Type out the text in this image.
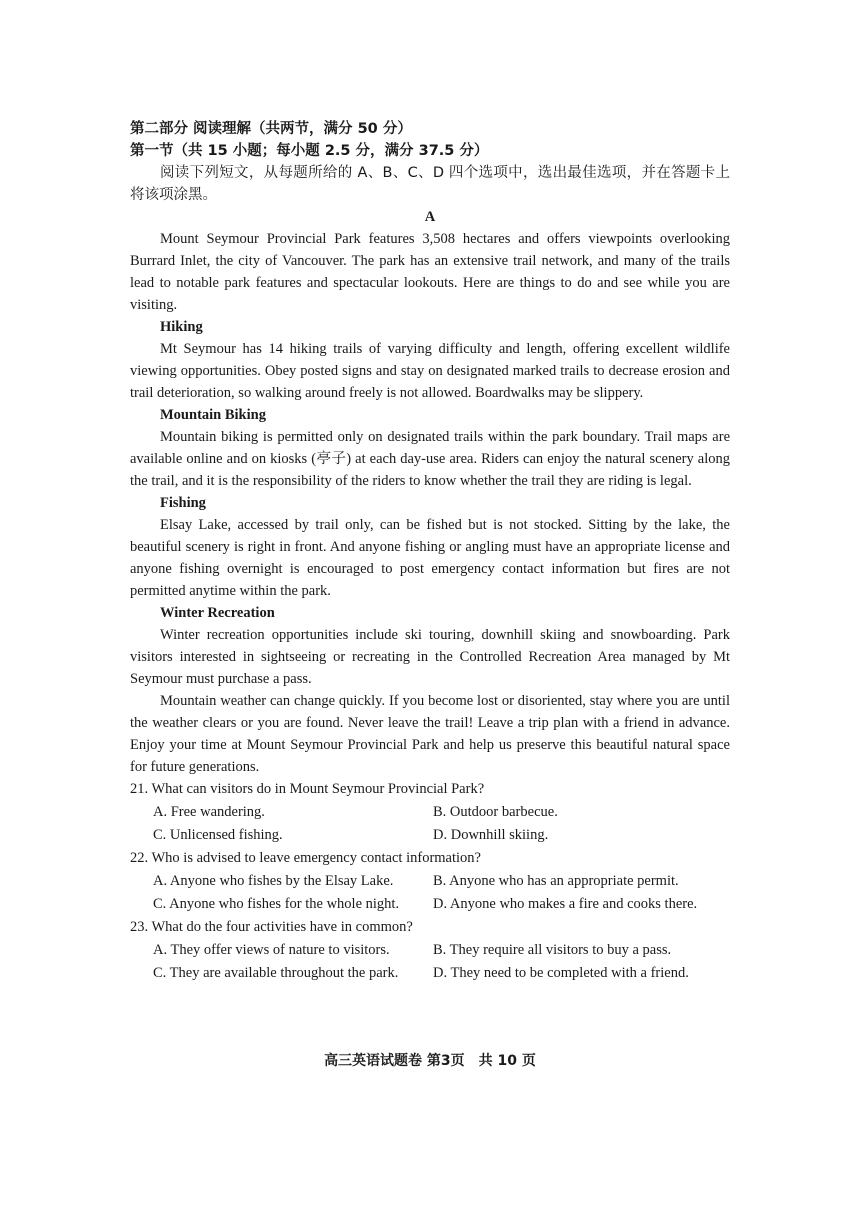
第二部分 阅读理解（共两节，满分 50 分）

第一节（共 15 小题；每小题 2.5 分，满分 37.5 分）

阅读下列短文，从每题所给的 A、B、C、D 四个选项中，选出最佳选项，并在答题卡上将该项涂黑。

A

Mount Seymour Provincial Park features 3,508 hectares and offers viewpoints overlooking Burrard Inlet, the city of Vancouver. The park has an extensive trail network, and many of the trails lead to notable park features and spectacular lookouts. Here are things to do and see while you are visiting.

Hiking

Mt Seymour has 14 hiking trails of varying difficulty and length, offering excellent wildlife viewing opportunities. Obey posted signs and stay on designated marked trails to decrease erosion and trail deterioration, so walking around freely is not allowed. Boardwalks may be slippery.

Mountain Biking

Mountain biking is permitted only on designated trails within the park boundary. Trail maps are available online and on kiosks (亭子) at each day-use area. Riders can enjoy the natural scenery along the trail, and it is the responsibility of the riders to know whether the trail they are riding is legal.

Fishing

Elsay Lake, accessed by trail only, can be fished but is not stocked. Sitting by the lake, the beautiful scenery is right in front. And anyone fishing or angling must have an appropriate license and anyone fishing overnight is encouraged to post emergency contact information but fires are not permitted anytime within the park.

Winter Recreation

Winter recreation opportunities include ski touring, downhill skiing and snowboarding. Park visitors interested in sightseeing or recreating in the Controlled Recreation Area managed by Mt Seymour must purchase a pass.

Mountain weather can change quickly. If you become lost or disoriented, stay where you are until the weather clears or you are found. Never leave the trail! Leave a trip plan with a friend in advance. Enjoy your time at Mount Seymour Provincial Park and help us preserve this beautiful natural space for future generations.

21. What can visitors do in Mount Seymour Provincial Park?

A. Free wandering.	B. Outdoor barbecue.
C. Unlicensed fishing.	D. Downhill skiing.

22. Who is advised to leave emergency contact information?

A. Anyone who fishes by the Elsay Lake.	B. Anyone who has an appropriate permit.
C. Anyone who fishes for the whole night.	D. Anyone who makes a fire and cooks there.

23. What do the four activities have in common?

A. They offer views of nature to visitors.	B. They require all visitors to buy a pass.
C. They are available throughout the park.	D. They need to be completed with a friend.
高三英语试题卷 第3页　共 10 页
